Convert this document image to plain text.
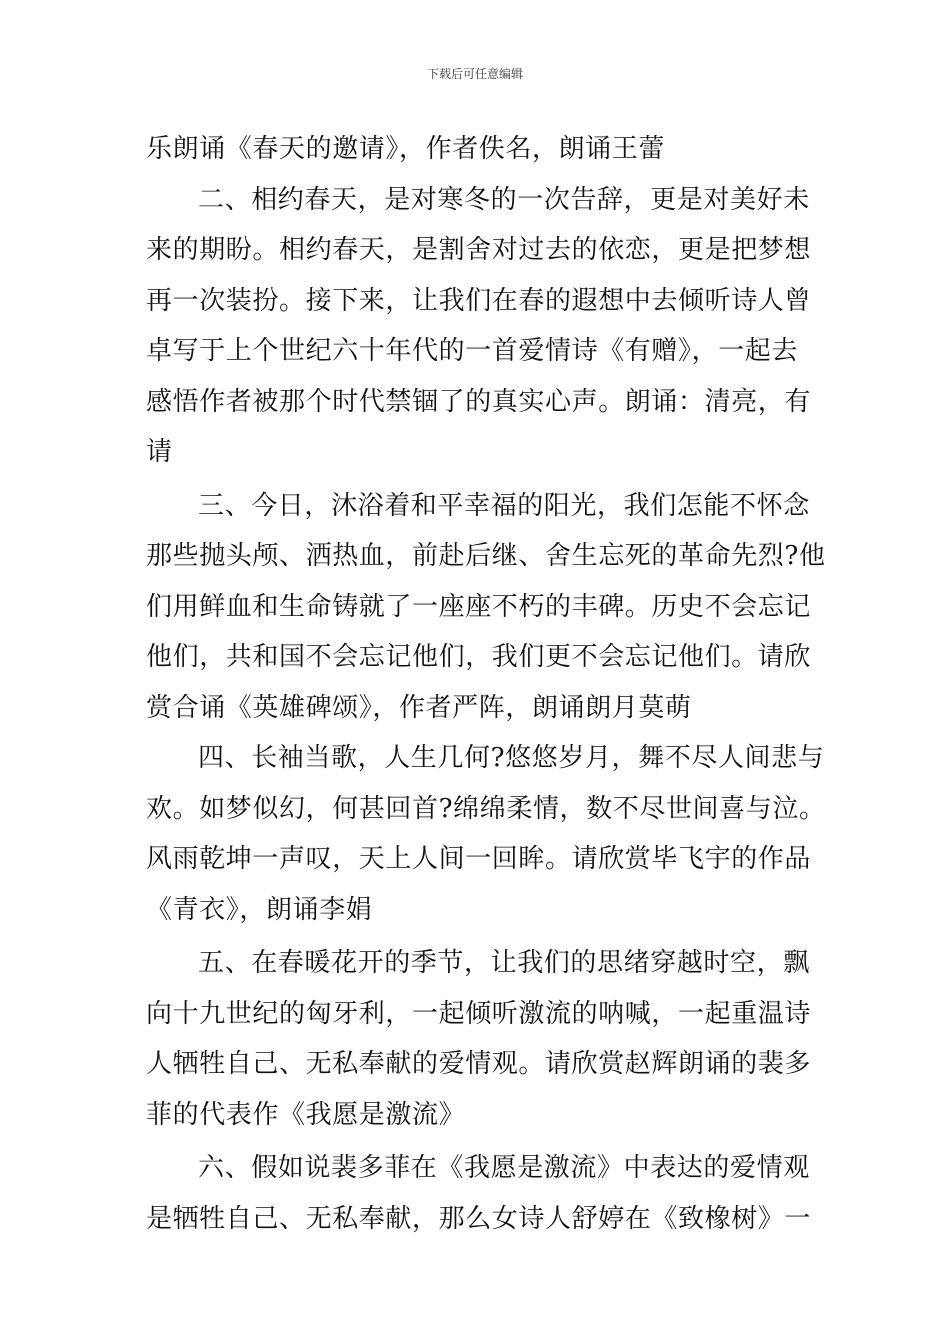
下载后可任意编辑
乐朗诵《春天的邀请》，作者佚名，朗诵王蕾
二、相约春天，是对寒冬的一次告辞，更是对美好未
来的期盼。相约春天，是割舍对过去的依恋，更是把梦想
再一次装扮。接下来，让我们在春的遐想中去倾听诗人曾
卓写于上个世纪六十年代的一首爱情诗《有赠》，一起去
感悟作者被那个时代禁锢了的真实心声。朗诵：清亮，有
请
三、今日，沐浴着和平幸福的阳光，我们怎能不怀念
那些抛头颅、洒热血，前赴后继、舍生忘死的革命先烈?他
们用鲜血和生命铸就了一座座不朽的丰碑。历史不会忘记
他们，共和国不会忘记他们，我们更不会忘记他们。请欣
赏合诵《英雄碑颂》，作者严阵，朗诵朗月莫萌
四、长袖当歌，人生几何?悠悠岁月，舞不尽人间悲与
欢。如梦似幻，何甚回首?绵绵柔情，数不尽世间喜与泣。
风雨乾坤一声叹，天上人间一回眸。请欣赏毕飞宇的作品
《青衣》，朗诵李娟
五、在春暖花开的季节，让我们的思绪穿越时空，飘
向十九世纪的匈牙利，一起倾听激流的呐喊，一起重温诗
人牺牲自己、无私奉献的爱情观。请欣赏赵辉朗诵的裴多
菲的代表作《我愿是激流》
六、假如说裴多菲在《我愿是激流》中表达的爱情观
是牺牲自己、无私奉献，那么女诗人舒婷在《致橡树》一
